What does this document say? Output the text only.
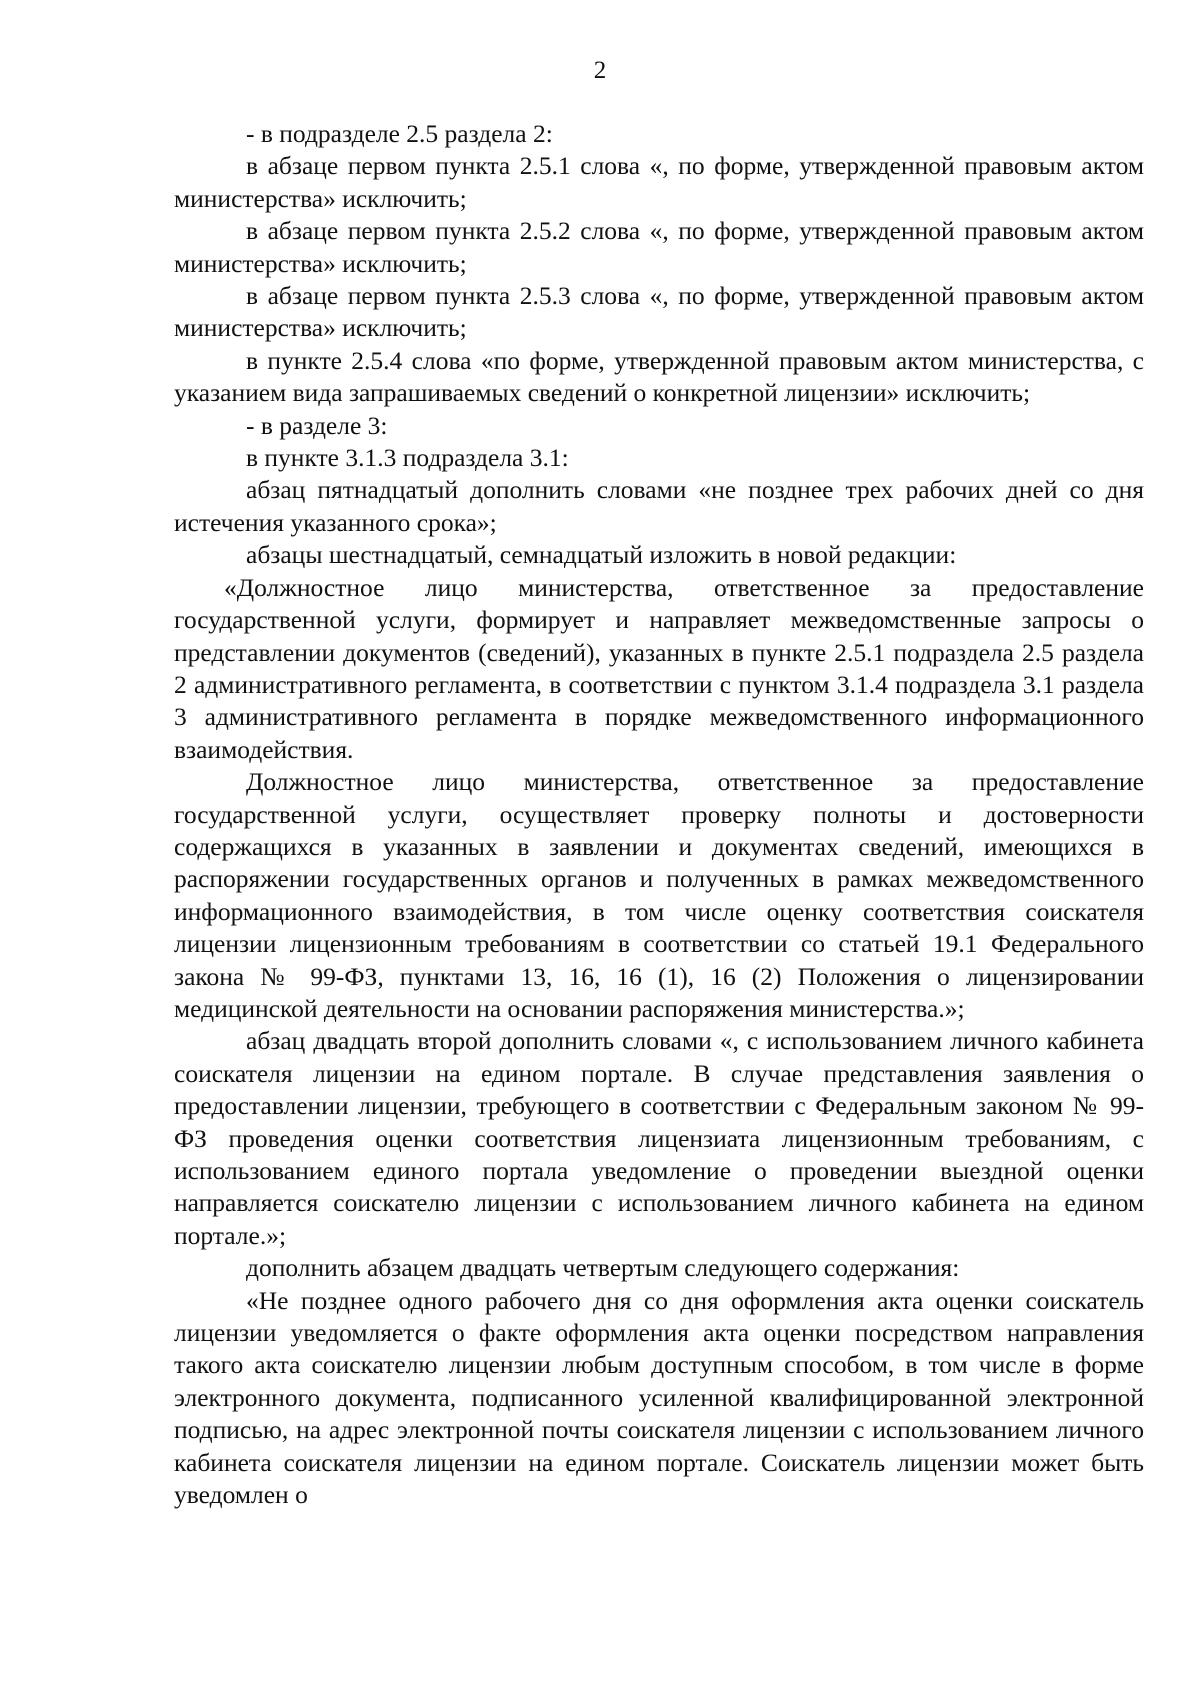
2

- в подразделе 2.5 раздела 2:

в абзаце первом пункта 2.5.1 слова «, по форме, утвержденной правовым актом министерства» исключить;

в абзаце первом пункта 2.5.2 слова «, по форме, утвержденной правовым актом министерства» исключить;

в абзаце первом пункта 2.5.3 слова «, по форме, утвержденной правовым актом министерства» исключить;

в пункте 2.5.4 слова «по форме, утвержденной правовым актом министерства, с указанием вида запрашиваемых сведений о конкретной лицензии» исключить;

- в разделе 3:

в пункте 3.1.3 подраздела 3.1:

абзац пятнадцатый дополнить словами «не позднее трех рабочих дней со дня истечения указанного срока»;

абзацы шестнадцатый, семнадцатый изложить в новой редакции:

«Должностное лицо министерства, ответственное за предоставление государственной услуги, формирует и направляет межведомственные запросы о представлении документов (сведений), указанных в пункте 2.5.1 подраздела 2.5 раздела 2 административного регламента, в соответствии с пунктом 3.1.4 подраздела 3.1 раздела 3 административного регламента в порядке межведомственного информационного взаимодействия.

Должностное лицо министерства, ответственное за предоставление государственной услуги, осуществляет проверку полноты и достоверности содержащихся в указанных в заявлении и документах сведений, имеющихся в распоряжении государственных органов и полученных в рамках межведомственного информационного взаимодействия, в том числе оценку соответствия соискателя лицензии лицензионным требованиям в соответствии со статьей 19.1 Федерального закона № 99-ФЗ, пунктами 13, 16, 16 (1), 16 (2) Положения о лицензировании медицинской деятельности на основании распоряжения министерства.»;

абзац двадцать второй дополнить словами «, с использованием личного кабинета соискателя лицензии на едином портале. В случае представления заявления о предоставлении лицензии, требующего в соответствии с Федеральным законом № 99-ФЗ проведения оценки соответствия лицензиата лицензионным требованиям, с использованием единого портала уведомление о проведении выездной оценки направляется соискателю лицензии с использованием личного кабинета на едином портале.»;

дополнить абзацем двадцать четвертым следующего содержания:

«Не позднее одного рабочего дня со дня оформления акта оценки соискатель лицензии уведомляется о факте оформления акта оценки посредством направления такого акта соискателю лицензии любым доступным способом, в том числе в форме электронного документа, подписанного усиленной квалифицированной электронной подписью, на адрес электронной почты соискателя лицензии с использованием личного кабинета соискателя лицензии на едином портале. Соискатель лицензии может быть уведомлен о
